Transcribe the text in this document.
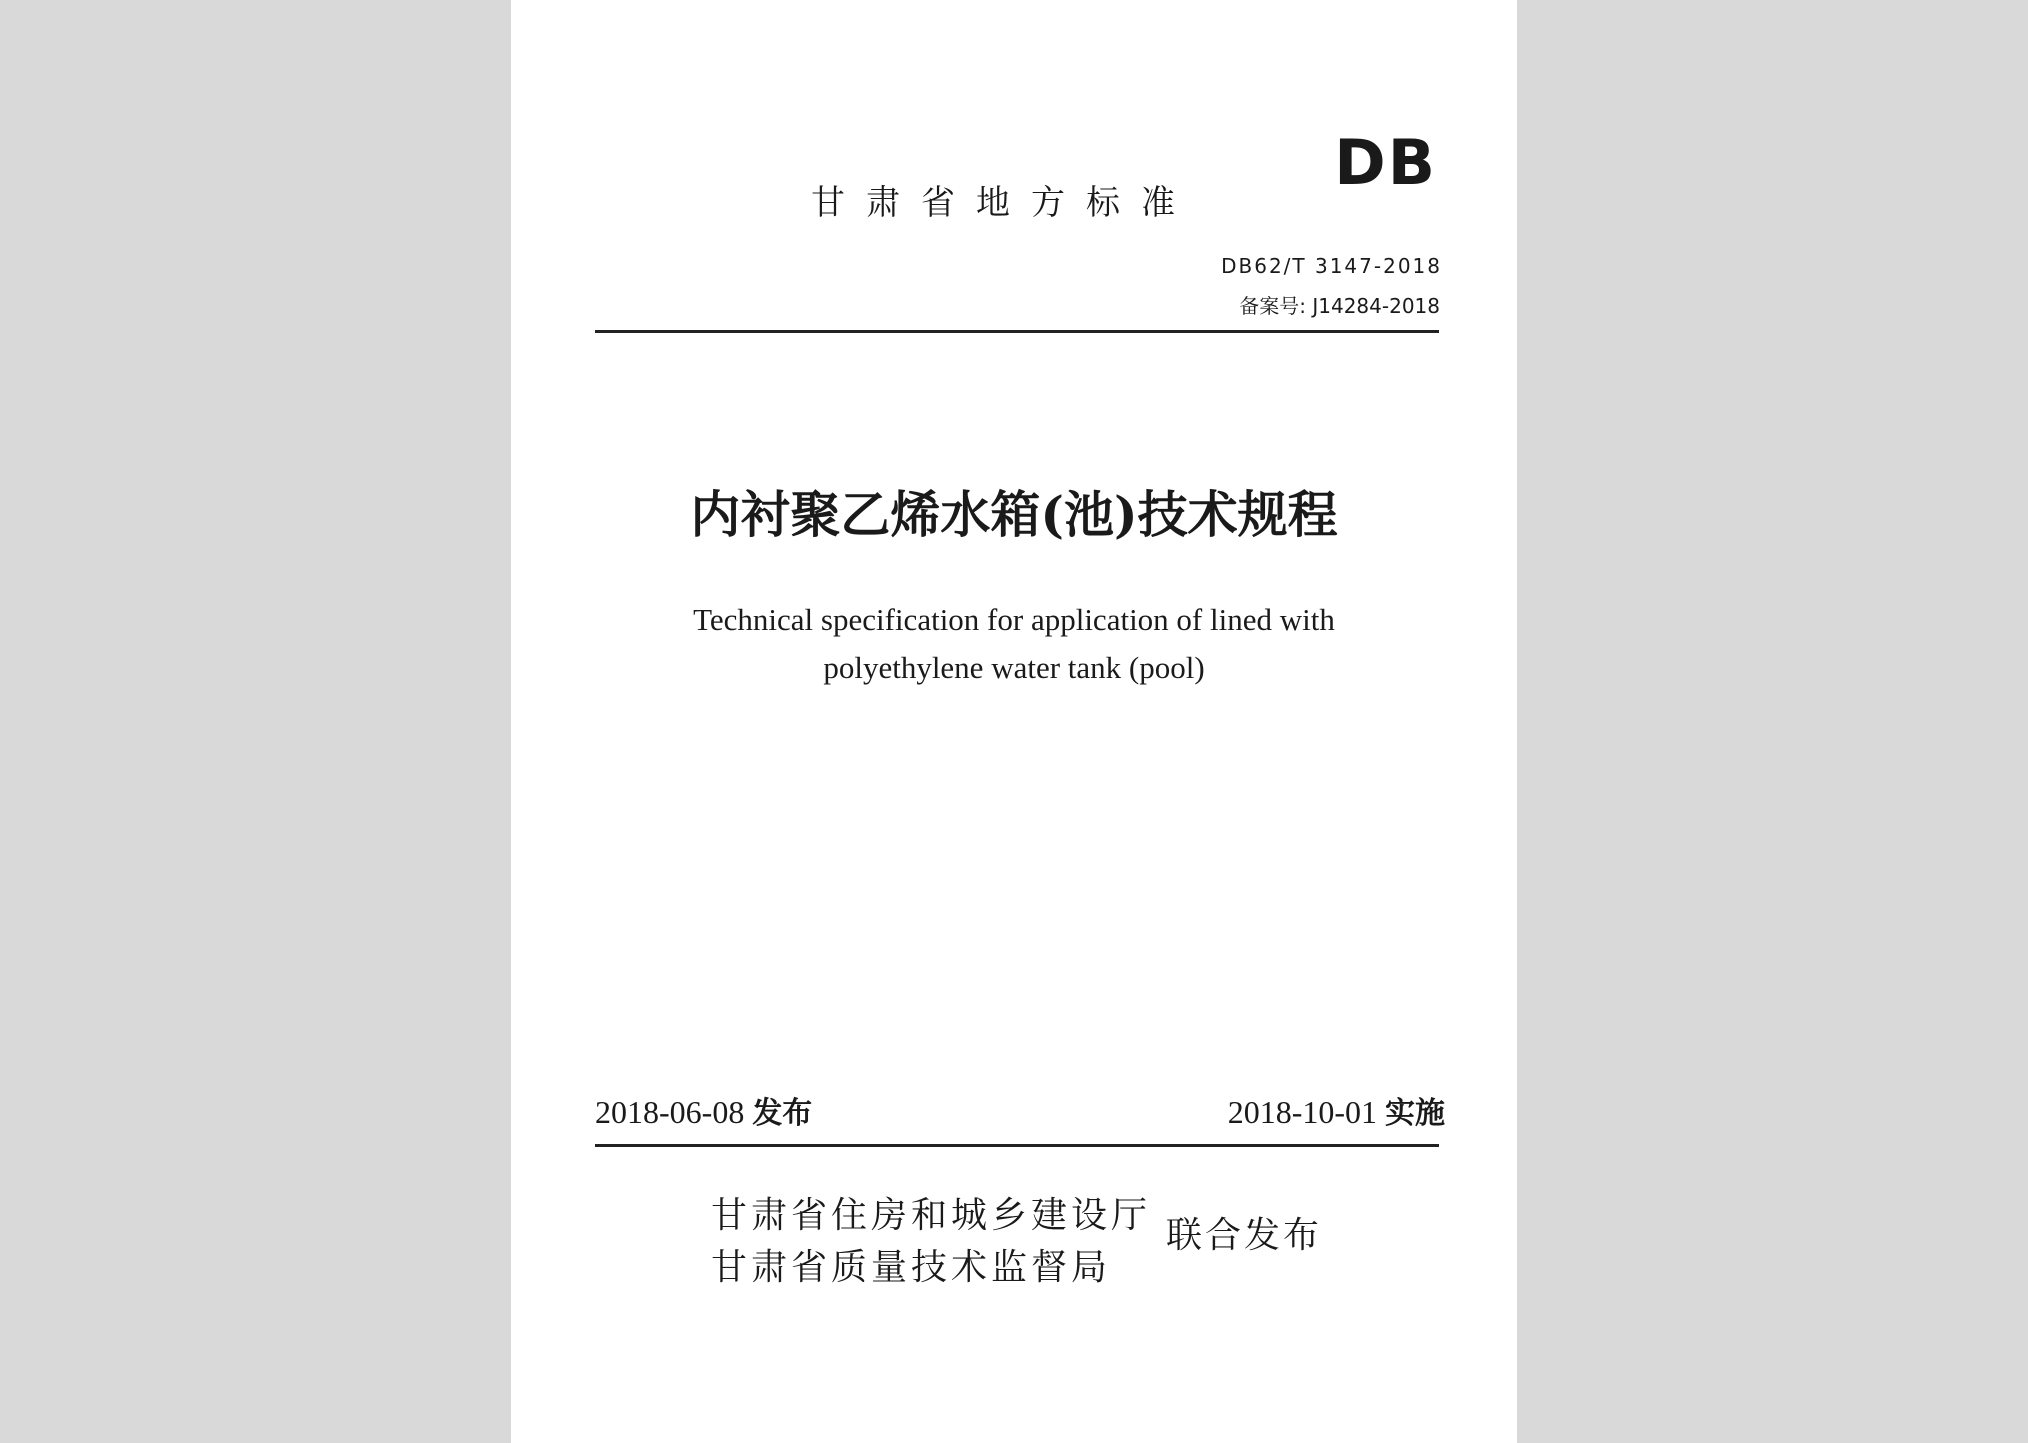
DB
甘肃省地方标准
DB62/T 3147-2018
备案号: J14284-2018
内衬聚乙烯水箱(池)技术规程
Technical specification for application of lined with
polyethylene water tank (pool)
2018-06-08 发布	2018-10-01 实施
甘肃省住房和城乡建设厅
甘肃省质量技术监督局
联合发布
